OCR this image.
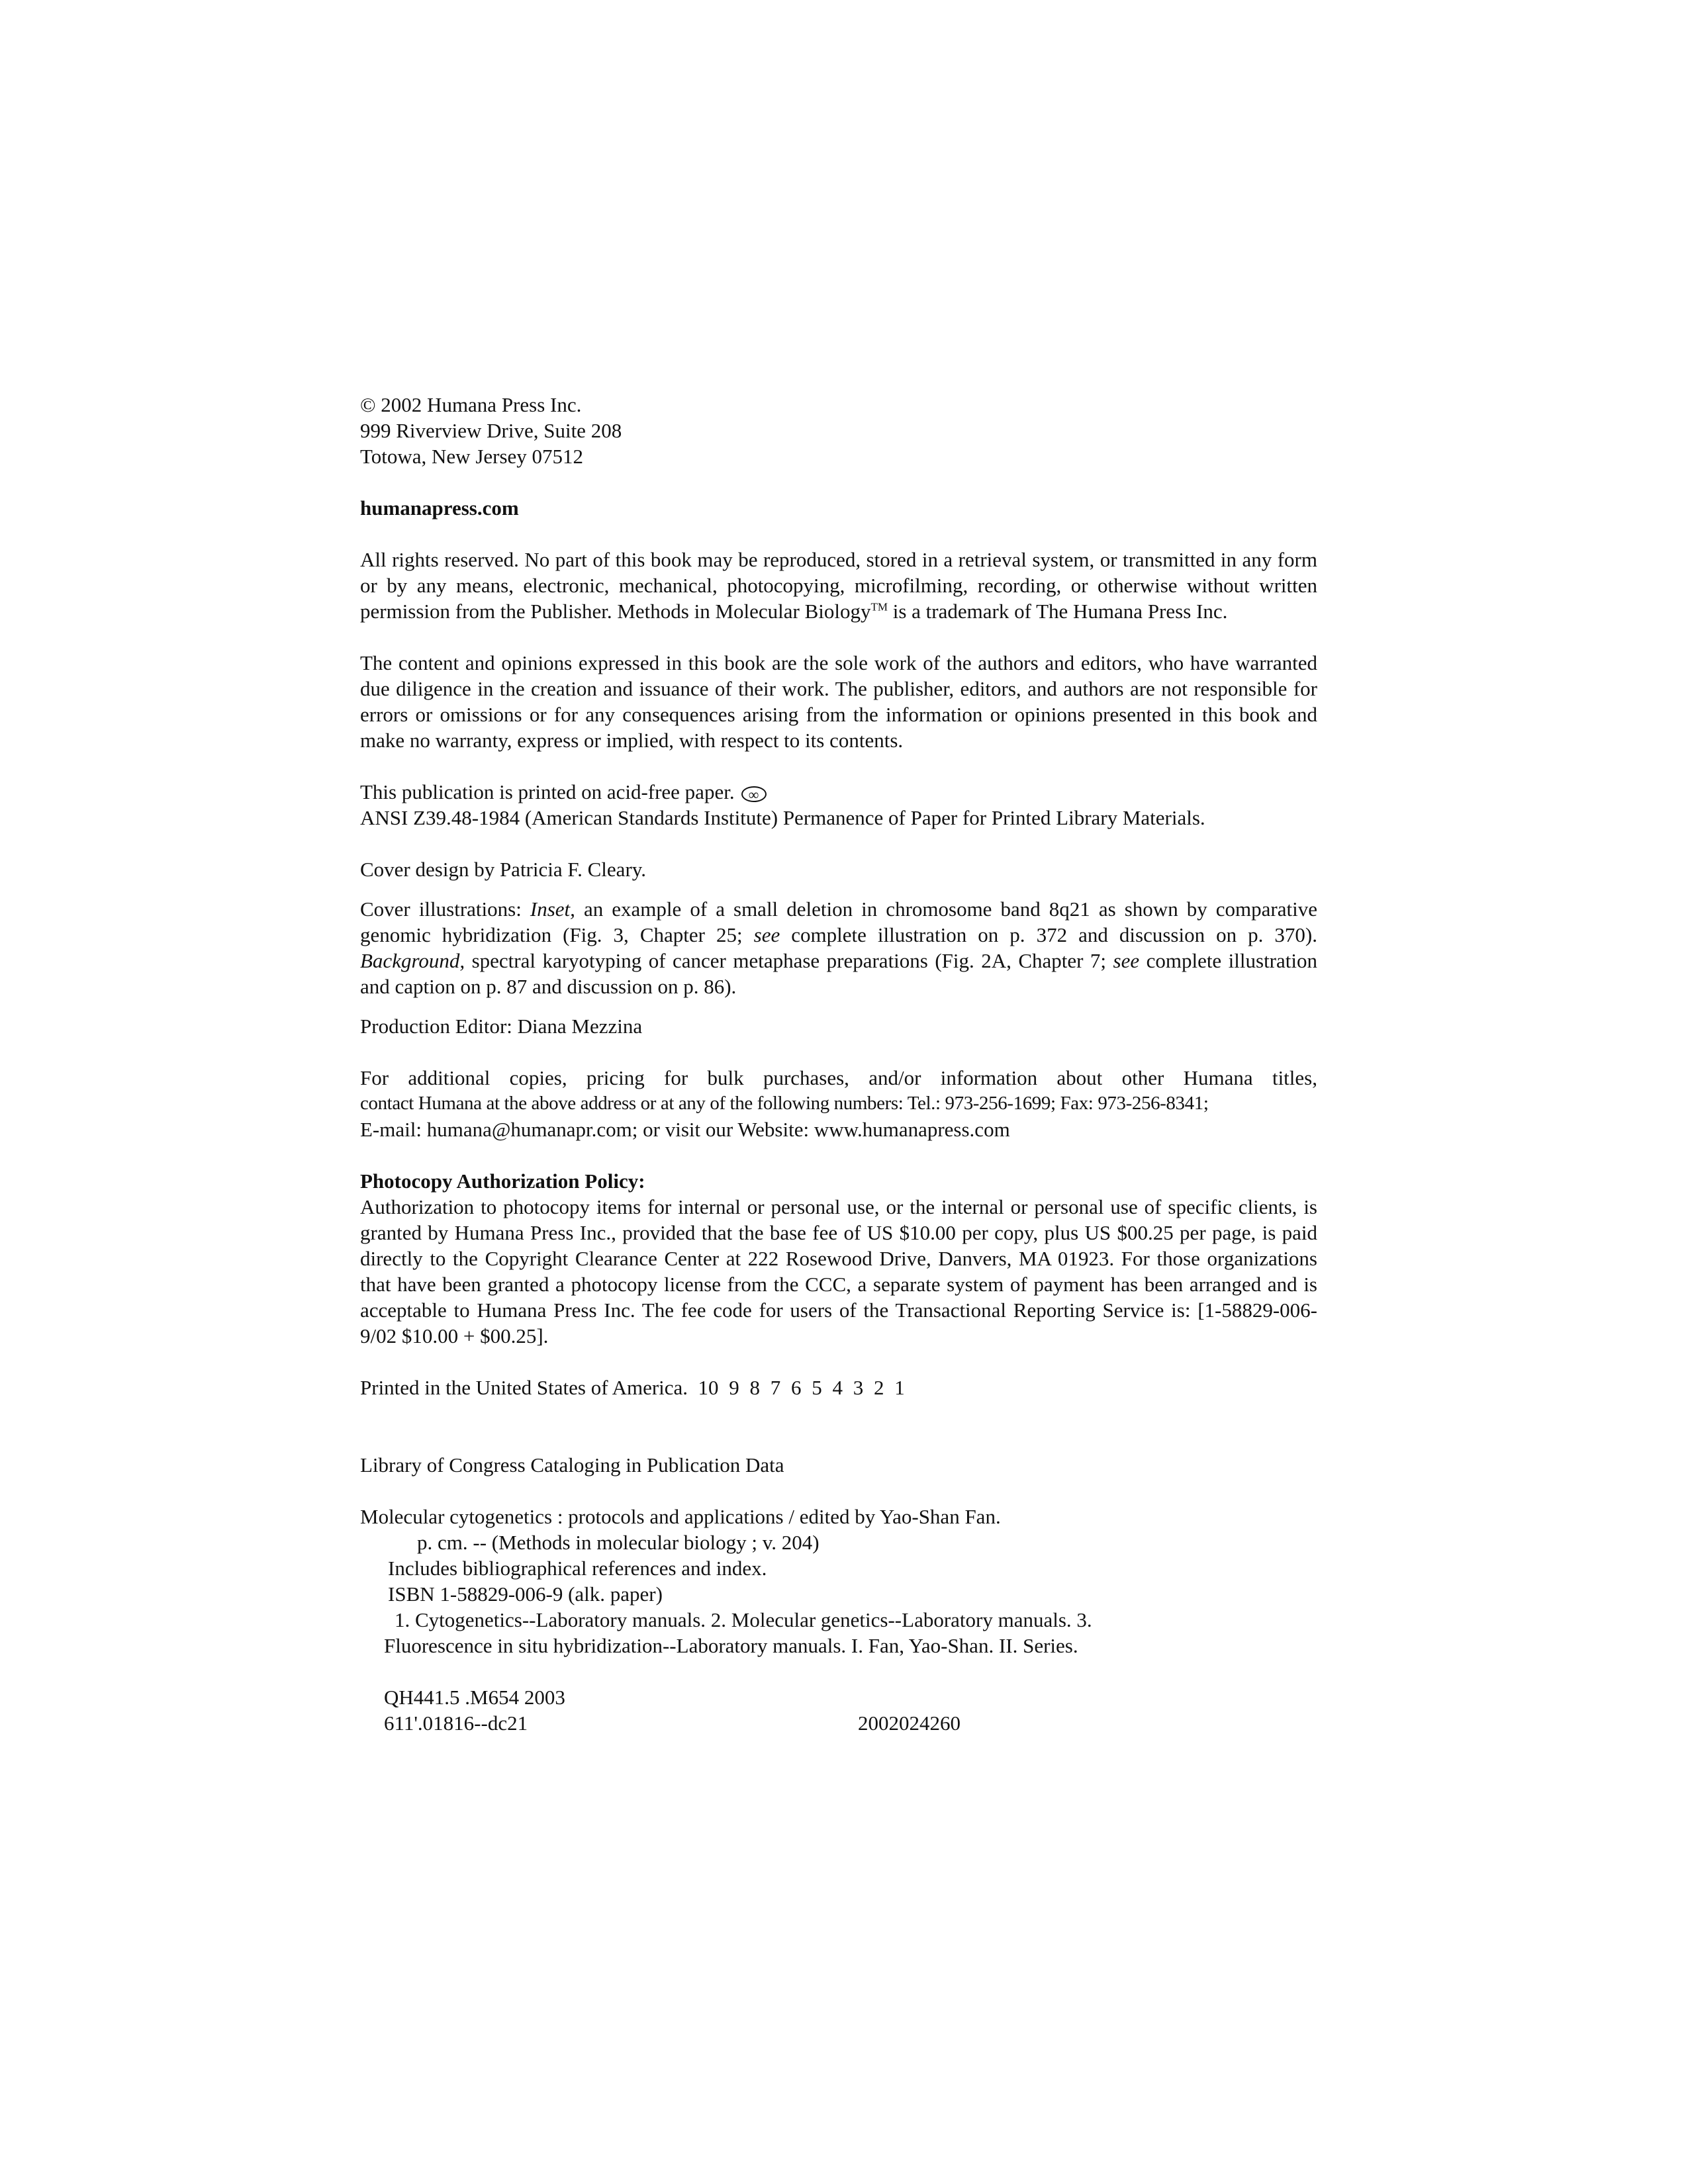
© 2002 Humana Press Inc.
999 Riverview Drive, Suite 208
Totowa, New Jersey 07512
humanapress.com
All rights reserved. No part of this book may be reproduced, stored in a retrieval system, or transmitted in any form or by any means, electronic, mechanical, photocopying, microfilming, recording, or otherwise without written permission from the Publisher. Methods in Molecular Biology™ is a trademark of The Humana Press Inc.
The content and opinions expressed in this book are the sole work of the authors and editors, who have warranted due diligence in the creation and issuance of their work. The publisher, editors, and authors are not responsible for errors or omissions or for any consequences arising from the information or opinions presented in this book and make no warranty, express or implied, with respect to its contents.
This publication is printed on acid-free paper. ∞
ANSI Z39.48-1984 (American Standards Institute) Permanence of Paper for Printed Library Materials.
Cover design by Patricia F. Cleary.
Cover illustrations: Inset, an example of a small deletion in chromosome band 8q21 as shown by comparative genomic hybridization (Fig. 3, Chapter 25; see complete illustration on p. 372 and discussion on p. 370). Background, spectral karyotyping of cancer metaphase preparations (Fig. 2A, Chapter 7; see complete illustration and caption on p. 87 and discussion on p. 86).
Production Editor: Diana Mezzina
For additional copies, pricing for bulk purchases, and/or information about other Humana titles,
contact Humana at the above address or at any of the following numbers: Tel.: 973-256-1699; Fax: 973-256-8341;
E-mail: humana@humanapr.com; or visit our Website: www.humanapress.com
Photocopy Authorization Policy:
Authorization to photocopy items for internal or personal use, or the internal or personal use of specific clients, is granted by Humana Press Inc., provided that the base fee of US $10.00 per copy, plus US $00.25 per page, is paid directly to the Copyright Clearance Center at 222 Rosewood Drive, Danvers, MA 01923. For those organizations that have been granted a photocopy license from the CCC, a separate system of payment has been arranged and is acceptable to Humana Press Inc. The fee code for users of the Transactional Reporting Service is: [1-58829-006-9/02 $10.00 + $00.25].
Printed in the United States of America. 10 9 8 7 6 5 4 3 2 1
Library of Congress Cataloging in Publication Data
Molecular cytogenetics : protocols and applications / edited by Yao-Shan Fan.
p. cm. -- (Methods in molecular biology ; v. 204)
Includes bibliographical references and index.
ISBN 1-58829-006-9 (alk. paper)
1. Cytogenetics--Laboratory manuals. 2. Molecular genetics--Laboratory manuals. 3.
Fluorescence in situ hybridization--Laboratory manuals. I. Fan, Yao-Shan. II. Series.
QH441.5 .M654 2003
611'.01816--dc21	2002024260
